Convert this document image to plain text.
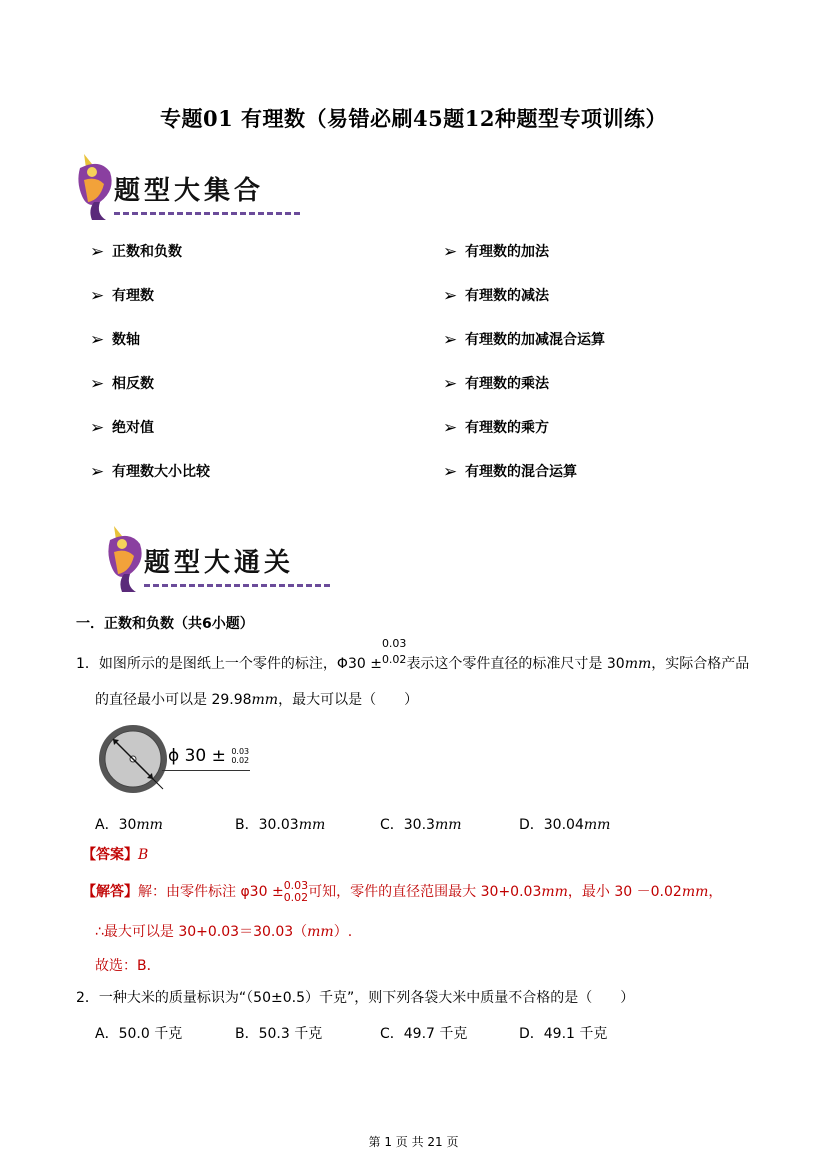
专题01 有理数（易错必刷45题12种题型专项训练）
题型大集合
➢ 正数和负数
➢ 有理数
➢ 数轴
➢ 相反数
➢ 绝对值
➢ 有理数大小比较
➢ 有理数的加法
➢ 有理数的减法
➢ 有理数的加减混合运算
➢ 有理数的乘法
➢ 有理数的乘方
➢ 有理数的混合运算
题型大通关
一．正数和负数（共6小题）
1．如图所示的是图纸上一个零件的标注，Φ30 ±
0.03
0.02 表示这个零件直径的标准尺寸是 30mm，实际合格产品
的直径最小可以是 29.98mm，最大可以是（　　）
ϕ 30 ± 0.03
0.02
A．30mm	B．30.03mm	C．30.3mm	D．30.04mm
【答案】B
【解答】解：由零件标注 φ30 ± 0.03
0.02 可知，零件的直径范围最大 30+0.03mm，最小 30 －0.02mm，
∴最大可以是 30+0.03＝30.03（mm）.
故选：B．
2．一种大米的质量标识为“（50±0.5）千克”，则下列各袋大米中质量不合格的是（　　）
A．50.0 千克	B．50.3 千克	C．49.7 千克	D．49.1 千克
第 1 页 共 21 页
